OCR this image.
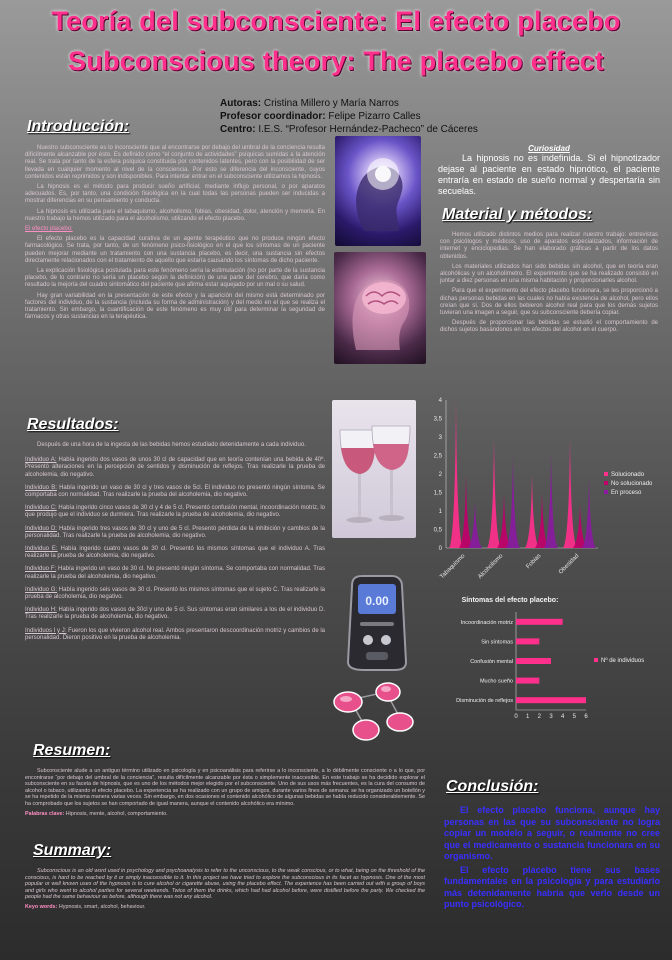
Teoría del subconsciente: El efecto placebo
Subconscious theory: The placebo effect
Autoras: Cristina Millero y María Narros
Profesor coordinador: Felipe Pizarro Calles
Centro: I.E.S. “Profesor Hernández-Pacheco” de Cáceres
Introducción:

Nuestro subconsciente es lo inconsciente que al encontrarse por debajo del umbral de la conciencia resulta difícilmente alcanzable por ésto. Es definido como “el conjunto de actividades” psíquicas sumidas a la atención real. Se trata por tanto de la esfera psíquica constituida por contenidos latentes, pero con la posibilidad de ser llevada en cualquier momento al nivel de la consciencia. Por esto se diferencia del inconsciente, cuyos contenidos están reprimidos y son indisponibles. Para intentar entrar en el subconsciente utilizamos la hipnosis.

La hipnosis es el método para producir sueño artificial, mediante influjo personal, o por aparatos adecuados. Es, por tanto, una condición fisiológica en la cual todas las personas pueden ser inducidas a mostrar diferencias en su pensamiento y conducta.

La hipnosis es utilizada para el tabaquismo, alcoholismo, fobias, obesidad, dolor, atención y memoria. En nuestro trabajo la hemos utilizado para el alcoholismo, utilizando el efecto placebo.

El efecto placebo:

El efecto placebo es la capacidad curativa de un agente terapéutico que no produce ningún efecto farmacológico. Se trata, por tanto, de un fenómeno psico-fisiológico en el que los síntomas de un paciente pueden mejorar mediante un tratamiento con una sustancia placebo, es decir, una sustancia sin efectos directamente relacionados con el tratamiento de aquello que estaría causando los síntomas de dicho paciente.

La explicación fisiológica postulada para este fenómeno sería la estimulación (no por parte de la sustancia placebo, de lo contrario no sería un placebo según la definición) de una parte del cerebro, que daría como resultado la mejoría del cuadro sintomático del paciente que afirma estar aquejado por un mal o su salud.

Hay gran variabilidad en la presentación de este efecto y la aparición del mismo está determinado por factores del individuo, de la sustancia (incluida su forma de administración) y del medio en el que se realiza el tratamiento. Sin embargo, la cuantificación de este fenómeno es muy útil para determinar la seguridad de fármacos y otras sustancias en la terapéutica.

Curiosidad
La hipnosis no es indefinida. Si el hipnotizador dejase al paciente en estado hipnótico, el paciente entraría en estado de sueño normal y despertaría sin secuelas.
Material y métodos:

Hemos utilizado distintos medios para realizar nuestro trabajo: entrevistas con psicólogos y médicos, uso de aparatos especializados, información de internet y enciclopedias. Se han elaborado gráficas a partir de los datos obtenidos.

Los materiales utilizados han sido bebidas sin alcohol, que en teoría eran alcohólicas y un alcoholímetro. El experimento que se ha realizado consistió en juntar a diez personas en una misma habitación y proporcionarles alcohol.

Para que el experimento del efecto placebo funcionara, se les proporcionó a dichas personas bebidas en las cuales no había existencia de alcohol, pero ellos creían que sí. Dos de ellos bebieron alcohol real para que los demás sujetos tuvieran una imagen a seguir, que su subconsciente debería copiar.

Después de proporcionar las bebidas se estudió el comportamiento de dichos sujetos basándonos en los efectos del alcohol en el cuerpo.

0
0,5
1
1,5
2
2,5
3
3,5
4
Tabaquismo Alcoholismo	Fobias	Obesidad
Solucionado
No solucionado
En proceso
Resultados:

Después de una hora de la ingesta de las bebidas hemos estudiado detenidamente a cada individuo.

Individuo A: Había ingerido dos vasos de unos 30 cl de capacidad que en teoría contenían una bebida de 40º. Presentó alteraciones en la percepción de sentidos y disminución de reflejos. Tras realizarle la prueba de alcoholemia, dio negativo.

Individuo B: Había ingerido un vaso de 30 cl y tres vasos de 5cl. El individuo no presentó ningún síntoma. Se comportaba con normalidad. Tras realizarle la prueba del alcoholemia, dio negativo.

Individuo C: Había ingerido cinco vasos de 30 cl y 4 de 5 cl. Presentó confusión mental, incoordinación motriz, lo que produjo que el individuo se durmiera. Tras realizarle la prueba de alcoholemia, dio negativo.

Individuo D: Había ingerido tres vasos de 30 cl y uno de 5 cl. Presentó pérdida de la inhibición y cambios de la personalidad. Tras realizarle la prueba de alcoholemia, dio negativo.

Individuo E: Había ingerido cuatro vasos de 30 cl. Presentó los mismos síntomas que el individuo A. Tras realizarle la prueba de alcoholemia, dio negativo.

Individuo F: Había ingerido un vaso de 30 cl. No presentó ningún síntoma. Se comportaba con normalidad. Tras realizarle la prueba del alcoholemia, dio negativo.

Individuo G: Había ingerido seis vasos de 30 cl. Presentó los mismos síntomas que el sujeto C. Tras realizarle la prueba de alcoholemia, dio negativo.

Individuo H: Había ingerido dos vasos de 30cl y uno de 5 cl. Sus síntomas eran similares a los de el individuo D. Tras realizarle la prueba de alcoholemia, dio negativo.

Individuos I y J: Fueron los que vivieron alcohol real. Ambos presentaron descoordinación motriz y cambios de la personalidad. Dieron positivo en la prueba de alcoholemia.

0.00	Síntomas del efecto placebo:
0 1 2 3 4 5 6
Incoordinación motriz
Sin síntomas
Confusión mental
Mucho sueño
Disminución de reflejos
Nº de individuos
Resumen:

Subconsciente alude a un antiguo término utilizado en psicología y en psicoanálisis para referirse a lo inconsciente, a lo débilmente consciente o a lo que, por encontrarse “por debajo del umbral de la conciencia”, resulta difícilmente alcanzable por ésta o simplemente inaccesible. En este trabajo se ha decidido explorar el subconsciente en su faceta de hipnosis, que es uno de los métodos mejor elegido por el subconsciente. Uno de sus usos más frecuentes, es la cura del consumo de alcohol o tabaco, utilizando el efecto placebo. La experiencia se ha realizado con un grupo de amigos, durante varios fines de semana: se ha organizado un botellón y se ha repetido de la misma manera varias veces. Sin embargo, en dos ocasiones el contenido alcohólico de algunas bebidas se había reducido considerablemente. Se ha comprobado que los sujetos se han comportado de igual manera, aunque el contenido alcohólico era mínimo.

Palabras clave: Hipnosis, mente, alcohol, comportamiento.

Summary:

Subconscious is an old word used in psychology and psychoanalysis to refer to the unconscious, to the weak conscious, or to what, being on the threshold of the conscious, is hard to be reached by it or simply inaccessible to it. In this project we have tried to explore the subconscious in its facet as hypnosis. One of the most popular or well known uses of the hypnosis is to cure alcohol or cigarette abuse, using the placebo effect. The experience has been carried out with a group of boys and girls who went to alcohol parties for several weekends. Twice of them the drinks, which had had alcohol before, were distilled before the party. We checked the people had the same behaviour as before, although there was not any alcohol.

Keyo words: Hypnosis, smart, alcohol, behaviour.

Conclusión:

El efecto placebo funciona, aunque hay personas en las que su subconsciente no logra copiar un modelo a seguir, o realmente no cree que el medicamento o sustancia funcionara en su organismo.

El efecto placebo tiene sus bases fundamentales en la psicología y para estudiarlo más detenidamente habría que verlo desde un punto psicológico.
